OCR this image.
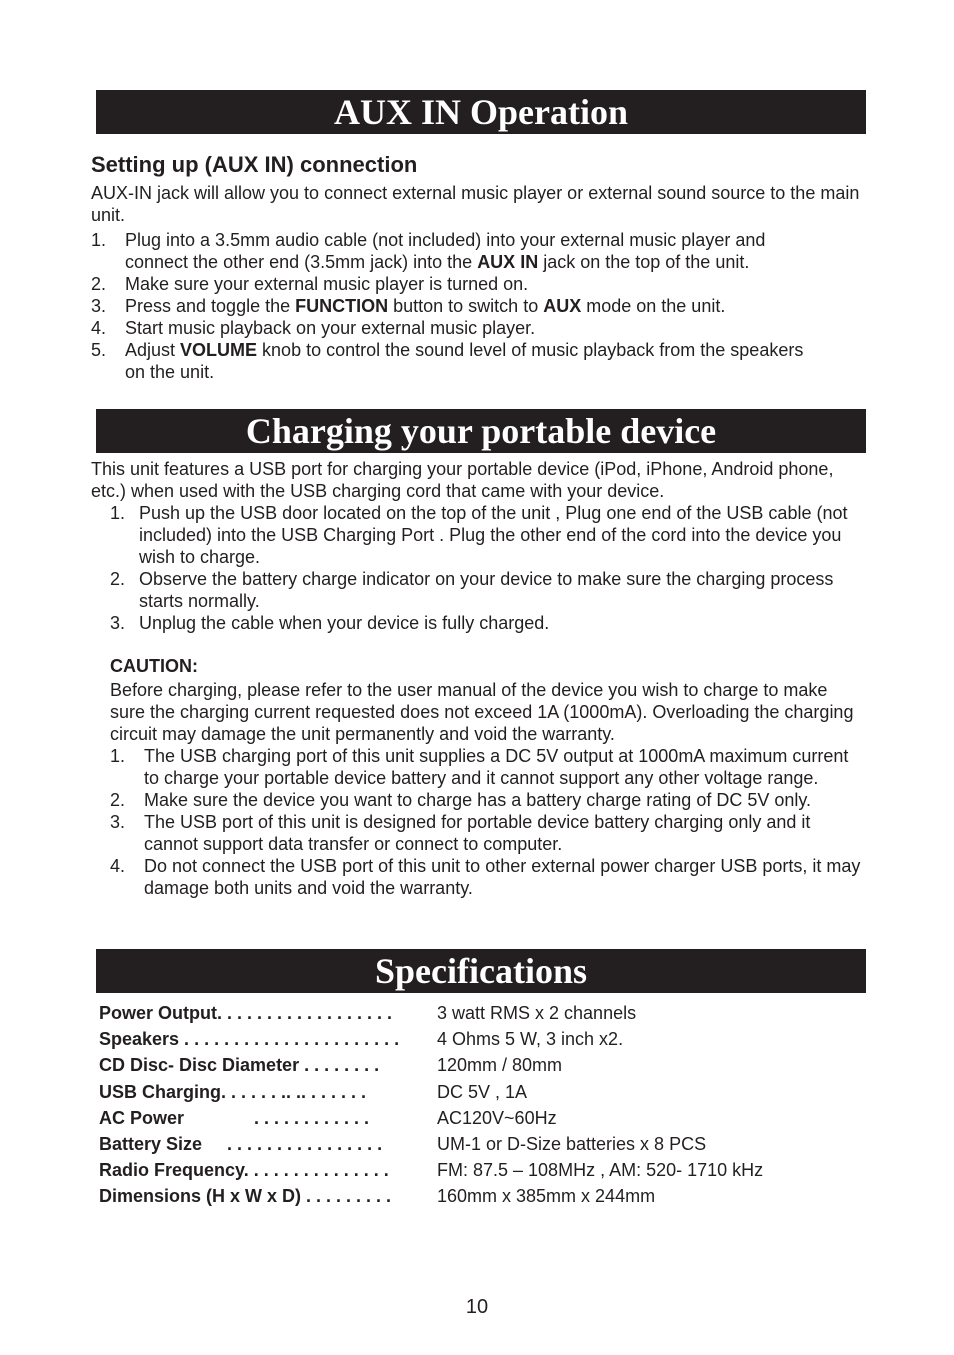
AUX IN Operation
Setting up (AUX IN) connection

AUX-IN jack will allow you to connect external music player or external sound source to the main unit.

1.	Plug into a 3.5mm audio cable (not included) into your external music player and
connect the other end (3.5mm jack) into the AUX IN jack on the top of the unit.
2.	Make sure your external music player is turned on.
3.	Press and toggle the FUNCTION button to switch to AUX mode on the unit.
4.	Start music playback on your external music player.
5.	Adjust VOLUME knob to control the sound level of music playback from the speakers
on the unit.
Charging your portable device

This unit features a USB port for charging your portable device (iPod, iPhone, Android phone, etc.) when used with the USB charging cord that came with your device.

1. Push up the USB door located on the top of the unit , Plug one end of the USB cable (not included) into the USB Charging Port . Plug the other end of the cord into the device you wish to charge.
2. Observe the battery charge indicator on your device to make sure the charging process starts normally.
3. Unplug the cable when your device is fully charged.
CAUTION:

Before charging, please refer to the user manual of the device you wish to charge to make sure the charging current requested does not exceed 1A (1000mA). Overloading the charging circuit may damage the unit permanently and void the warranty.

1.	The USB charging port of this unit supplies a DC 5V output at 1000mA maximum current to charge your portable device battery and it cannot support any other voltage range.
2.	Make sure the device you want to charge has a battery charge rating of DC 5V only.
3.	The USB port of this unit is designed for portable device battery charging only and it cannot support data transfer or connect to computer.
4.	Do not connect the USB port of this unit to other external power charger USB ports, it may damage both units and void the warranty.
Specifications
Power Output. . . . . . . . . . . . . . . . . .	3 watt RMS x 2 channels
Speakers . . . . . . . . . . . . . . . . . . . . . .	4 Ohms 5 W, 3 inch x2.
CD Disc- Disc Diameter . . . . . . . .	120mm / 80mm
USB Charging. . . . . . .. .. . . . . . .	DC 5V , 1A
AC Power              . . . . . . . . . . . .	AC120V~60Hz
Battery Size     . . . . . . . . . . . . . . . .	UM-1 or D-Size batteries x 8 PCS
Radio Frequency. . . . . . . . . . . . . . .	FM: 87.5 – 108MHz , AM: 520- 1710 kHz
Dimensions (H x W x D) . . . . . . . . .	160mm x 385mm x 244mm
10
